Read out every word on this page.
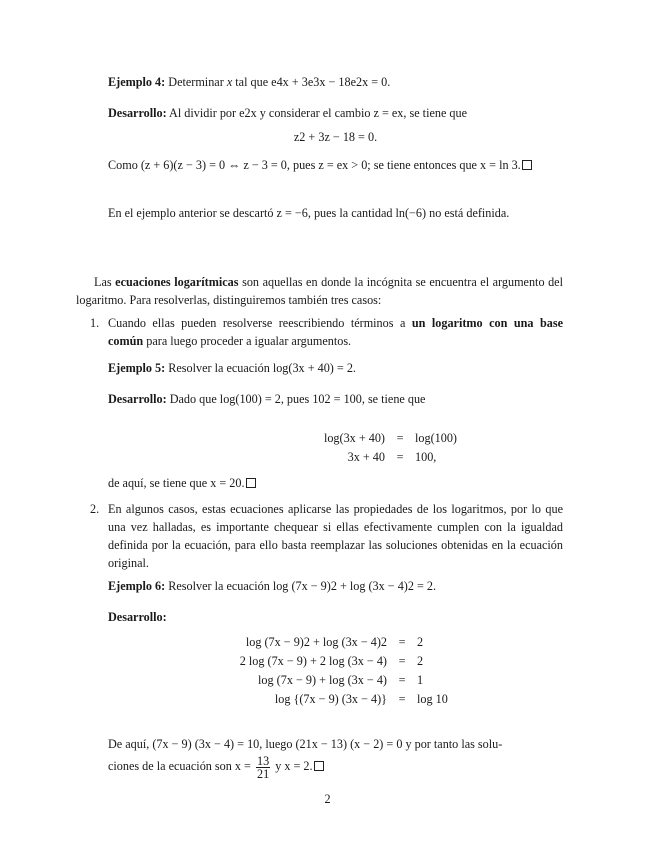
Ejemplo 4: Determinar x tal que e4x + 3e3x − 18e2x = 0.
Desarrollo: Al dividir por e2x y considerar el cambio z = ex, se tiene que
z2 + 3z − 18 = 0.
Como (z + 6)(z − 3) = 0 ⇔ z − 3 = 0, pues z = ex > 0; se tiene entonces que x = ln 3.
En el ejemplo anterior se descartó z = −6, pues la cantidad ln(−6) no está definida.
Las ecuaciones logarítmicas son aquellas en donde la incógnita se encuentra el argumento del logaritmo. Para resolverlas, distinguiremos también tres casos:
1. Cuando ellas pueden resolverse reescribiendo términos a un logaritmo con una base común para luego proceder a igualar argumentos.
Ejemplo 5: Resolver la ecuación log(3x + 40) = 2.
Desarrollo: Dado que log(100) = 2, pues 102 = 100, se tiene que
log(3x + 40)	=	log(100)
3x + 40	=	100,
de aquí, se tiene que x = 20.
2. En algunos casos, estas ecuaciones aplicarse las propiedades de los logaritmos, por lo que una vez halladas, es importante chequear si ellas efectivamente cumplen con la igualdad definida por la ecuación, para ello basta reemplazar las soluciones obtenidas en la ecuación original.
Ejemplo 6: Resolver la ecuación log (7x − 9)2 + log (3x − 4)2 = 2.
Desarrollo:
log (7x − 9)2 + log (3x − 4)2	=	2
2 log (7x − 9) + 2 log (3x − 4)	=	2
log (7x − 9) + log (3x − 4)	=	1
log {(7x − 9) (3x − 4)}	=	log 10
De aquí, (7x − 9) (3x − 4) = 10, luego (21x − 13) (x − 2) = 0 y por tanto las solu-
ciones de la ecuación son $x = \frac{13}{21}$ y x = 2.
2
